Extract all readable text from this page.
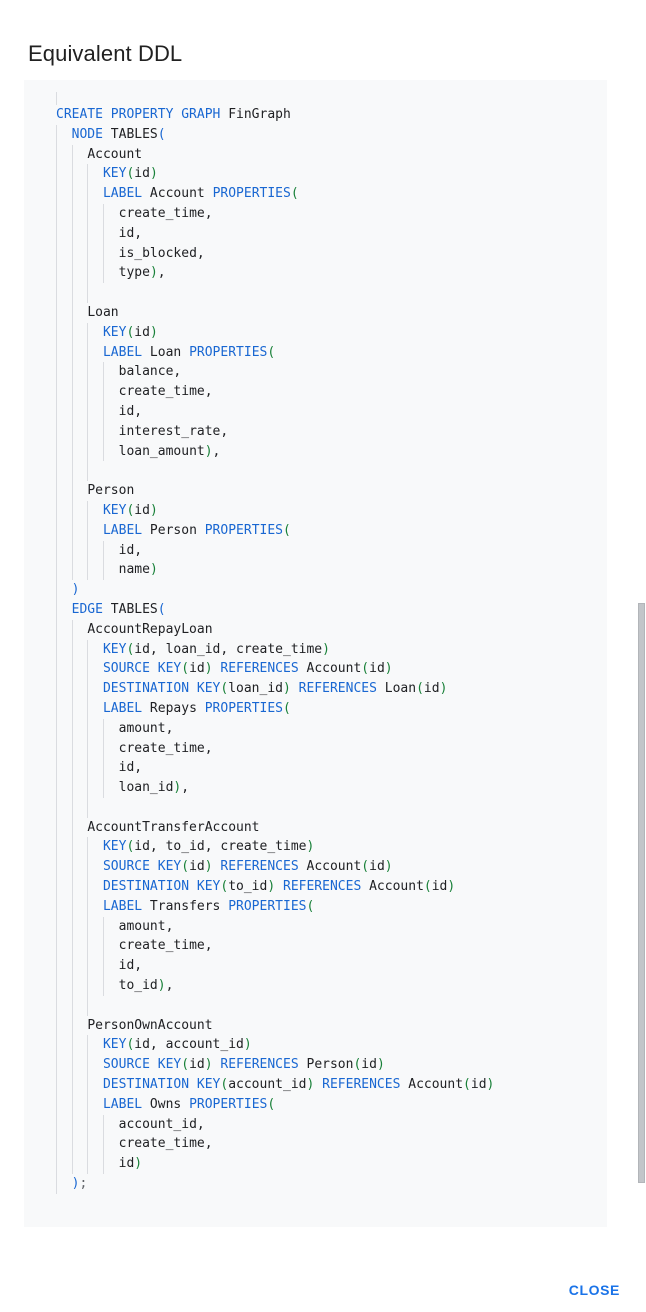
Equivalent DDL
CREATE PROPERTY GRAPH FinGraph
NODE TABLES(
Account
KEY(id)
LABEL Account PROPERTIES(
create_time,
id,
is_blocked,
type),

Loan
KEY(id)
LABEL Loan PROPERTIES(
balance,
create_time,
id,
interest_rate,
loan_amount),

Person
KEY(id)
LABEL Person PROPERTIES(
id,
name)
)
EDGE TABLES(
AccountRepayLoan
KEY(id, loan_id, create_time)
SOURCE KEY(id) REFERENCES Account(id)
DESTINATION KEY(loan_id) REFERENCES Loan(id)
LABEL Repays PROPERTIES(
amount,
create_time,
id,
loan_id),

AccountTransferAccount
KEY(id, to_id, create_time)
SOURCE KEY(id) REFERENCES Account(id)
DESTINATION KEY(to_id) REFERENCES Account(id)
LABEL Transfers PROPERTIES(
amount,
create_time,
id,
to_id),

PersonOwnAccount
KEY(id, account_id)
SOURCE KEY(id) REFERENCES Person(id)
DESTINATION KEY(account_id) REFERENCES Account(id)
LABEL Owns PROPERTIES(
account_id,
create_time,
id)
);
CLOSE
